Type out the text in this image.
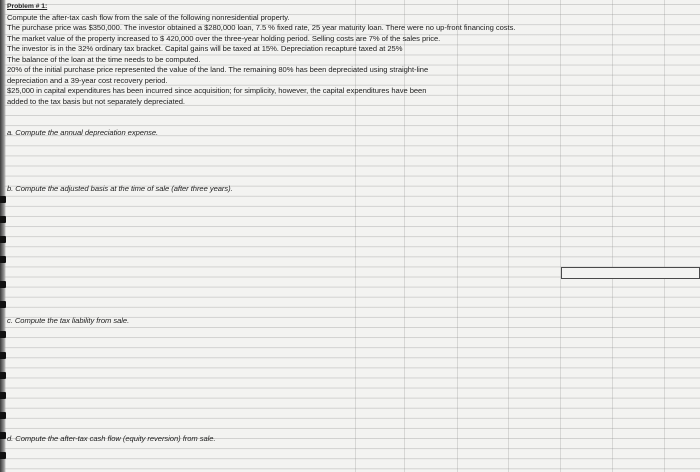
Problem # 1:
Compute the after-tax cash flow from the sale of the following nonresidential property.
The purchase price was $350,000. The investor obtained a $280,000 loan, 7.5 % fixed rate, 25 year maturity loan. There were no up-front financing costs.
The market value of the property increased to $ 420,000 over the three-year holding period. Selling costs are 7% of the sales price.
The investor is in the 32% ordinary tax bracket. Capital gains will be taxed at 15%. Depreciation recapture taxed at 25%
The balance of the loan at the time needs to be computed.
20% of the initial purchase price represented the value of the land. The remaining 80% has been depreciated using straight-line
depreciation and a 39-year cost recovery period.
$25,000 in capital expenditures has been incurred since acquisition; for simplicity, however, the capital expenditures have been
added to the tax basis but not separately depreciated.
a. Compute the annual depreciation expense.
b. Compute the adjusted basis at the time of sale (after three years).
c. Compute the tax liability from sale.
d. Compute the after-tax cash flow (equity reversion) from sale.
